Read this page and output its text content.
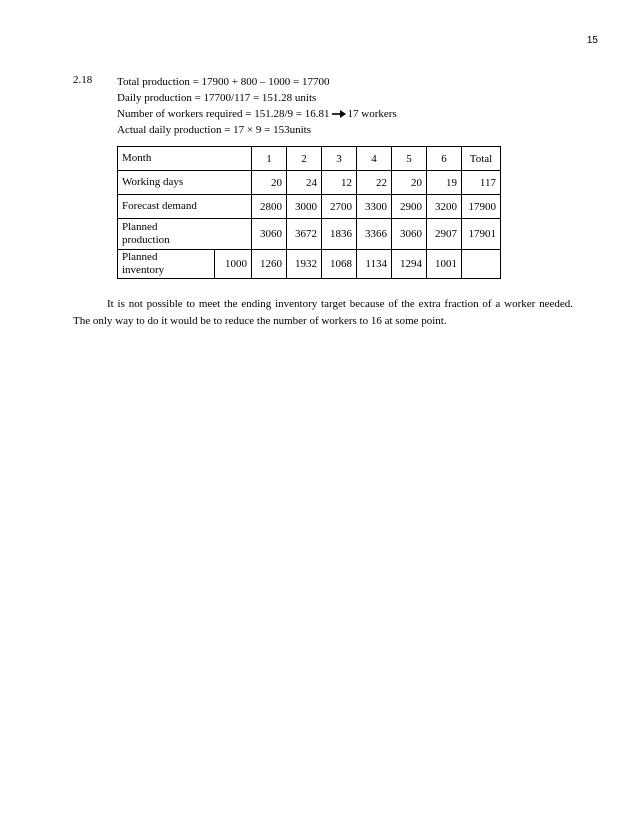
15
2.18 Total production = 17900 + 800 – 1000 = 17700
Daily production = 17700/117 = 151.28 units
Number of workers required = 151.28/9 = 16.81 17 workers
Actual daily production = 17 × 9 = 153units
Month		1	2	3	4	5	6	Total
Working days		20	24	12	22	20	19	117
Forecast demand		2800	3000	2700	3300	2900	3200	17900

Planned
production		3060	3672	1836	3366	3060	2907	17901

Planned
inventory	1000	1260	1932	1068	1134	1294	1001	
It is not possible to meet the ending inventory target because of the extra fraction of a worker needed. The only way to do it would be to reduce the number of workers to 16 at some point.
